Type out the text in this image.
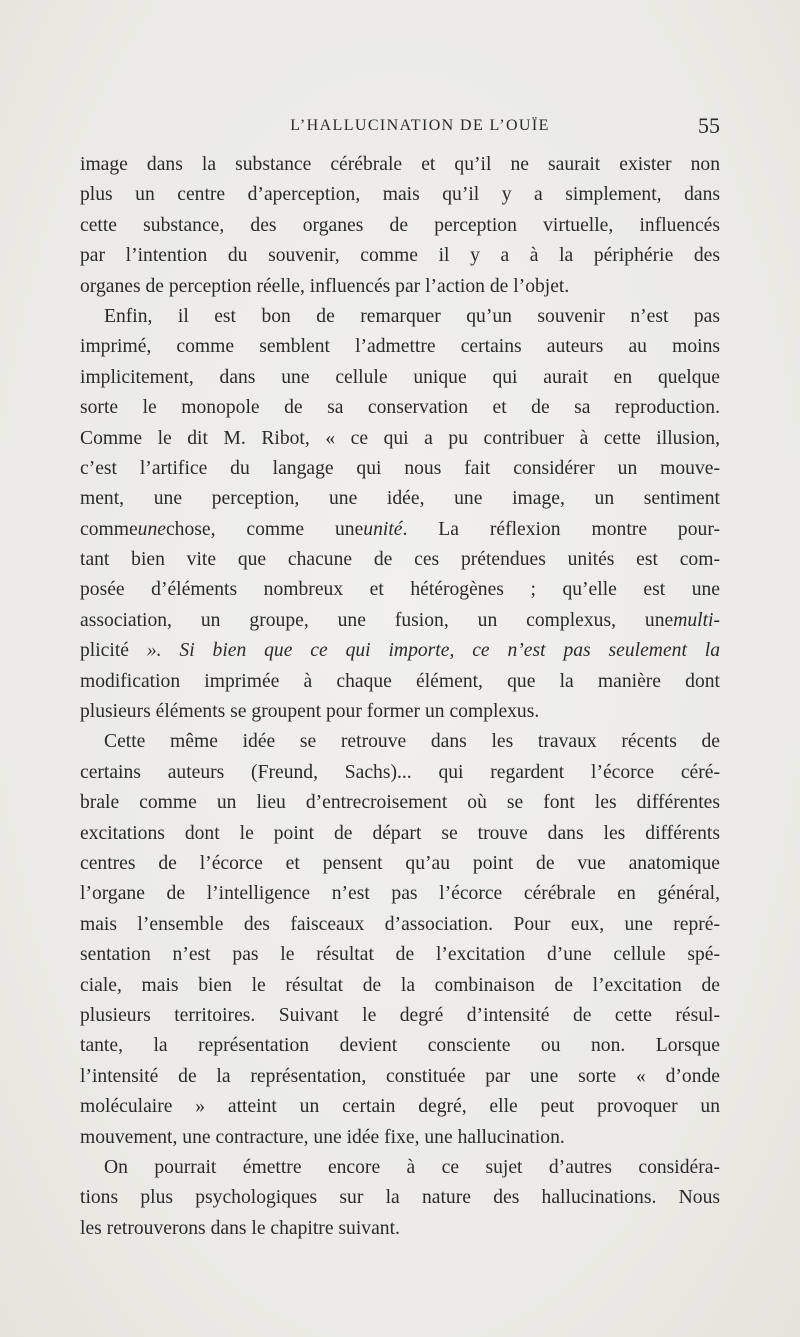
L’HALLUCINATION DE L’OUÏE	55
image dans la substance cérébrale et qu’il ne saurait exister non
plus un centre d’aperception, mais qu’il y a simplement, dans
cette substance, des organes de perception virtuelle, influencés
par l’intention du souvenir, comme il y a à la périphérie des
organes de perception réelle, influencés par l’action de l’objet.
Enfin, il est bon de remarquer qu’un souvenir n’est pas
imprimé, comme semblent l’admettre certains auteurs au moins
implicitement, dans une cellule unique qui aurait en quelque
sorte le monopole de sa conservation et de sa reproduction.
Comme le dit M. Ribot, « ce qui a pu contribuer à cette illusion,
c’est l’artifice du langage qui nous fait considérer un mouve-
ment, une perception, une idée, une image, un sentiment
commeunechose, comme uneunité. La réflexion montre pour-
tant bien vite que chacune de ces prétendues unités est com-
posée d’éléments nombreux et hétérogènes ; qu’elle est une
association, un groupe, une fusion, un complexus, unemulti-
plicité ». Si bien que ce qui importe, ce n’est pas seulement la
modification imprimée à chaque élément, que la manière dont
plusieurs éléments se groupent pour former un complexus.
Cette même idée se retrouve dans les travaux récents de
certains auteurs (Freund, Sachs)... qui regardent l’écorce céré-
brale comme un lieu d’entrecroisement où se font les différentes
excitations dont le point de départ se trouve dans les différents
centres de l’écorce et pensent qu’au point de vue anatomique
l’organe de l’intelligence n’est pas l’écorce cérébrale en général,
mais l’ensemble des faisceaux d’association. Pour eux, une repré-
sentation n’est pas le résultat de l’excitation d’une cellule spé-
ciale, mais bien le résultat de la combinaison de l’excitation de
plusieurs territoires. Suivant le degré d’intensité de cette résul-
tante, la représentation devient consciente ou non. Lorsque
l’intensité de la représentation, constituée par une sorte « d’onde
moléculaire » atteint un certain degré, elle peut provoquer un
mouvement, une contracture, une idée fixe, une hallucination.
On pourrait émettre encore à ce sujet d’autres considéra-
tions plus psychologiques sur la nature des hallucinations. Nous
les retrouverons dans le chapitre suivant.
